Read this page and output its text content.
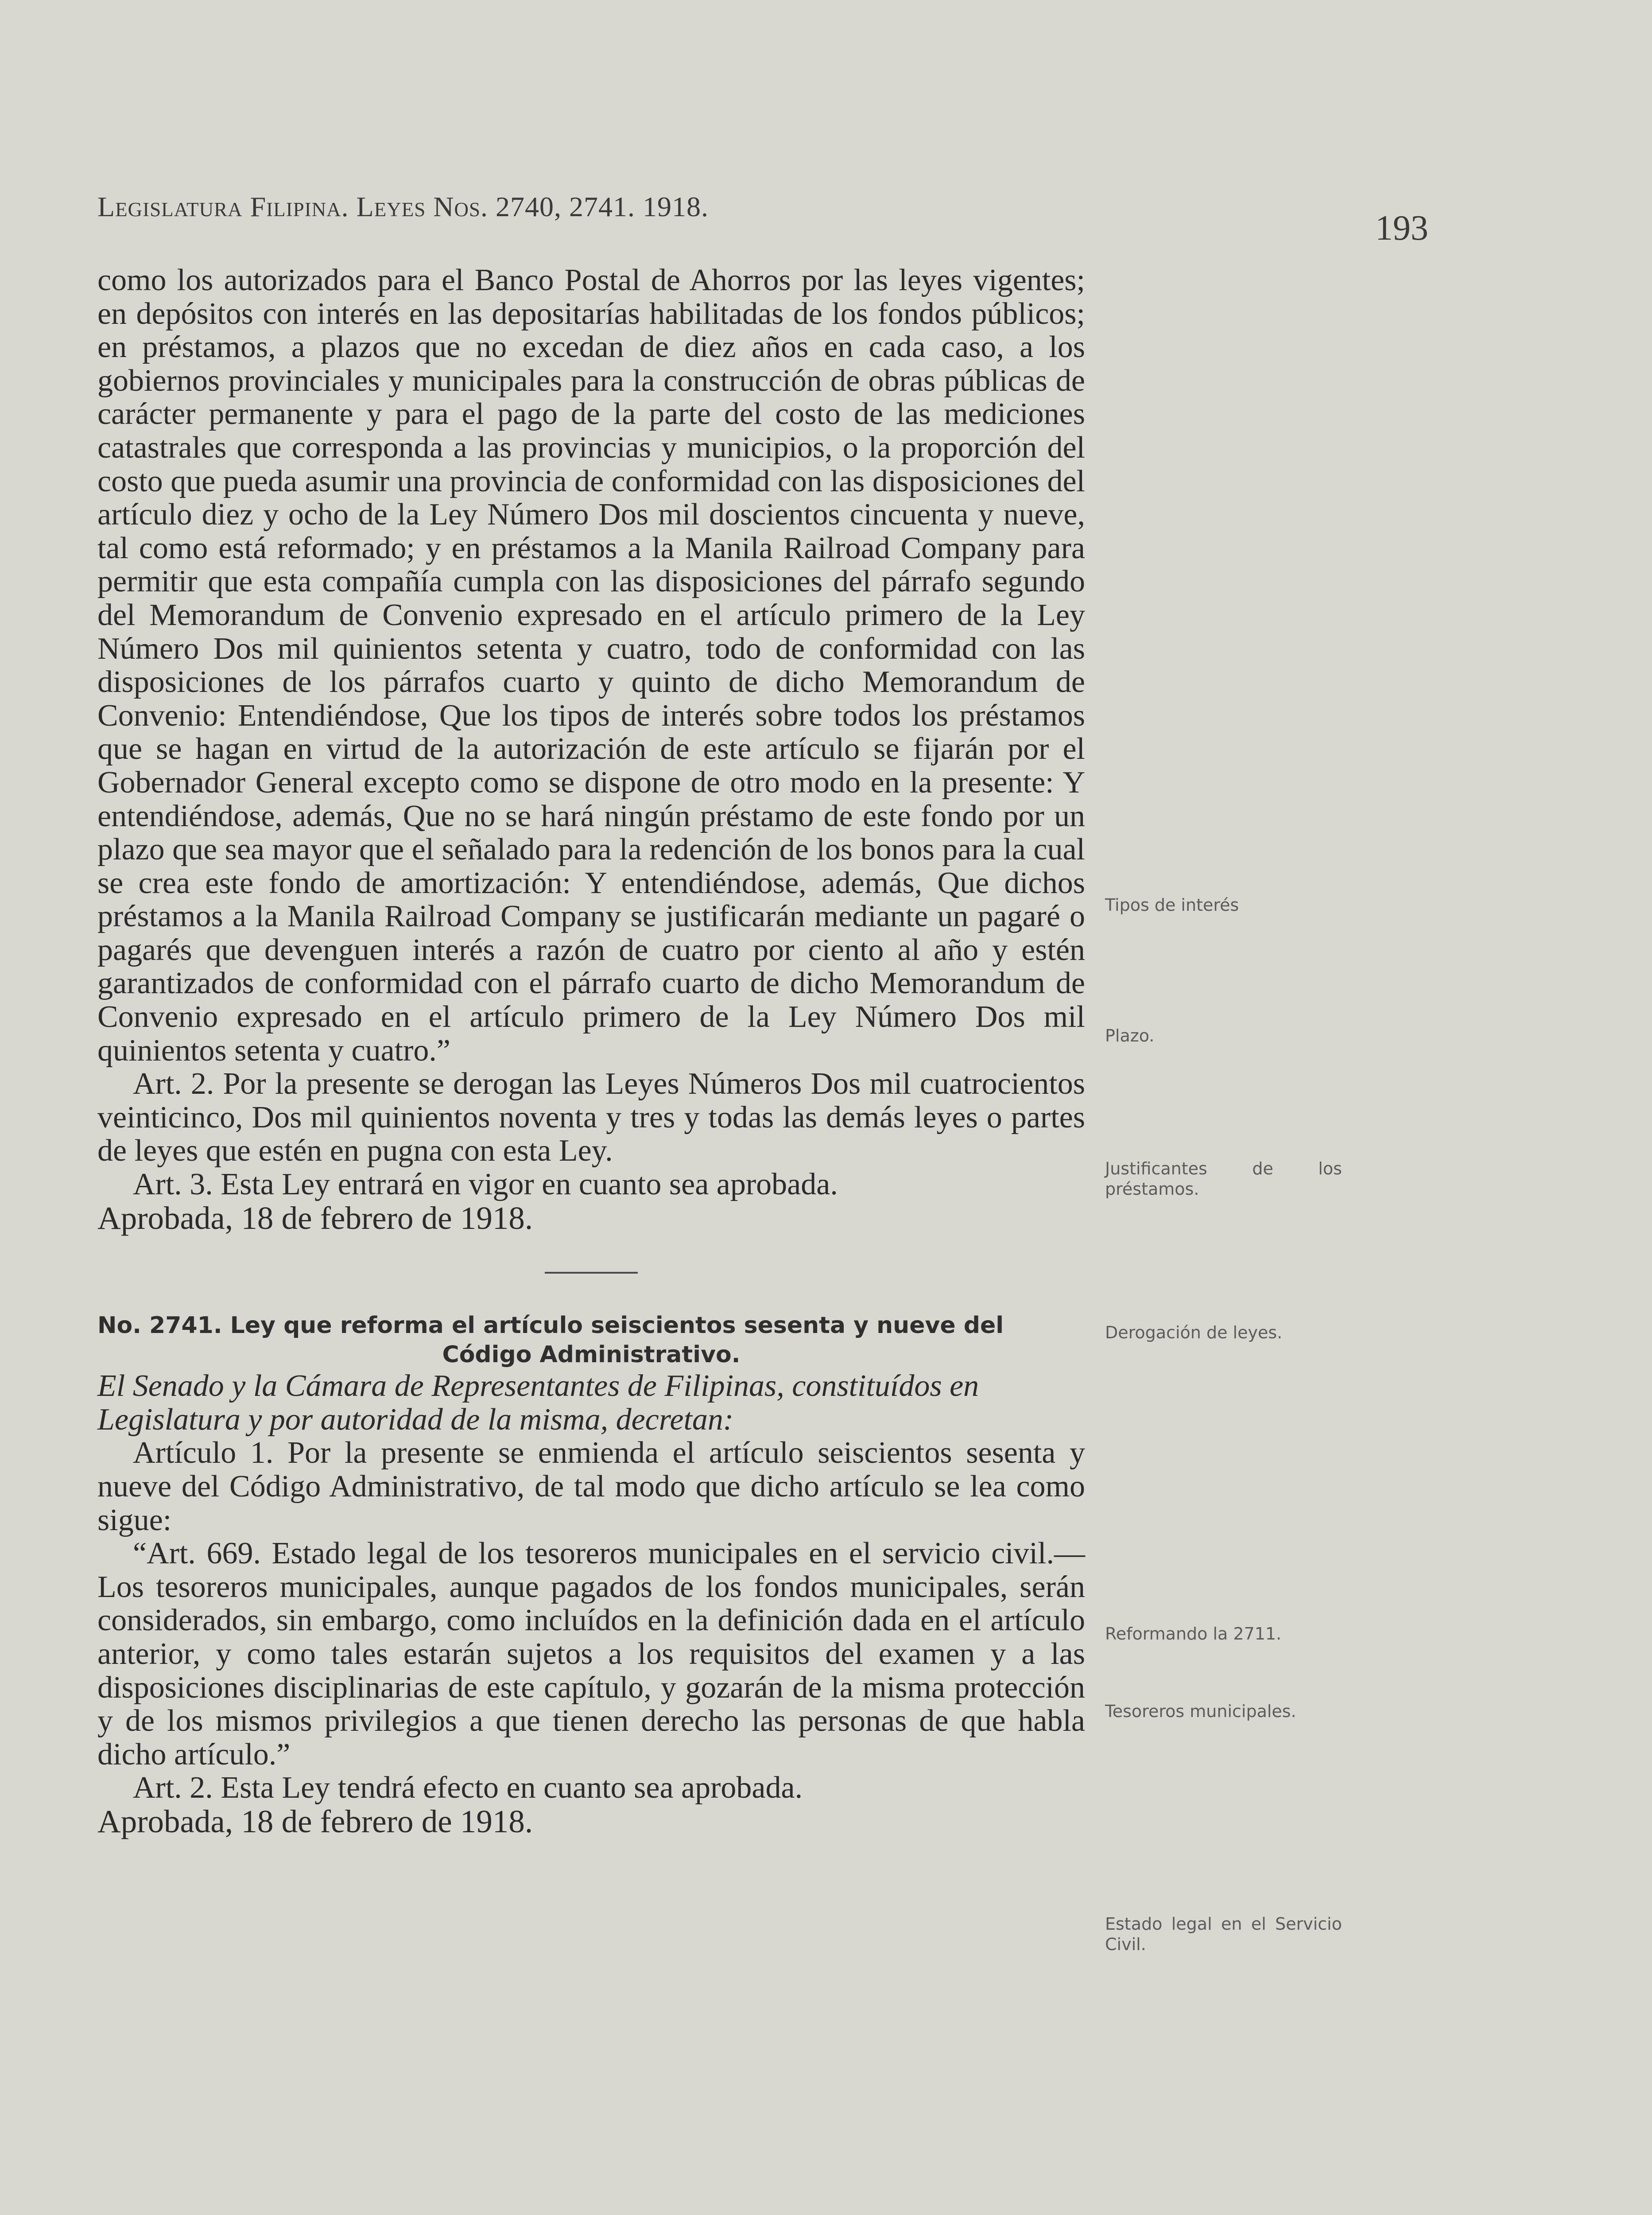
Legislatura Filipina. Leyes Nos. 2740, 2741. 1918.
193

como los autorizados para el Banco Postal de Ahorros por las leyes vigentes; en depósitos con interés en las depositarías habilitadas de los fondos públicos; en préstamos, a plazos que no excedan de diez años en cada caso, a los gobiernos provinciales y municipales para la construcción de obras públicas de carácter permanente y para el pago de la parte del costo de las mediciones catastrales que corresponda a las provincias y municipios, o la proporción del costo que pueda asumir una provincia de conformidad con las disposiciones del artículo diez y ocho de la Ley Número Dos mil doscientos cincuenta y nueve, tal como está reformado; y en préstamos a la Manila Railroad Company para permitir que esta compañía cumpla con las disposiciones del párrafo segundo del Memorandum de Convenio expresado en el artículo primero de la Ley Número Dos mil quinientos setenta y cuatro, todo de conformidad con las disposiciones de los párrafos cuarto y quinto de dicho Memorandum de Convenio: Entendiéndose, Que los tipos de interés sobre todos los préstamos que se hagan en virtud de la autorización de este artículo se fijarán por el Gobernador General excepto como se dispone de otro modo en la presente: Y entendiéndose, además, Que no se hará ningún préstamo de este fondo por un plazo que sea mayor que el señalado para la redención de los bonos para la cual se crea este fondo de amortización: Y entendiéndose, además, Que dichos préstamos a la Manila Railroad Company se justificarán mediante un pagaré o pagarés que devenguen interés a razón de cuatro por ciento al año y estén garantizados de conformidad con el párrafo cuarto de dicho Memorandum de Convenio expresado en el artículo primero de la Ley Número Dos mil quinientos setenta y cuatro.”

Art. 2. Por la presente se derogan las Leyes Números Dos mil cuatrocientos veinticinco, Dos mil quinientos noventa y tres y todas las demás leyes o partes de leyes que estén en pugna con esta Ley.

Art. 3. Esta Ley entrará en vigor en cuanto sea aprobada.

Aprobada, 18 de febrero de 1918.

No. 2741. Ley que reforma el artículo seiscientos sesenta y nueve del

Código Administrativo.

El Senado y la Cámara de Representantes de Filipinas, constituídos en Legislatura y por autoridad de la misma, decretan:

Artículo 1. Por la presente se enmienda el artículo seiscientos sesenta y nueve del Código Administrativo, de tal modo que dicho artículo se lea como sigue:

“Art. 669. Estado legal de los tesoreros municipales en el servicio civil.—Los tesoreros municipales, aunque pagados de los fondos municipales, serán considerados, sin embargo, como incluídos en la definición dada en el artículo anterior, y como tales estarán sujetos a los requisitos del examen y a las disposiciones disciplinarias de este capítulo, y gozarán de la misma protección y de los mismos privilegios a que tienen derecho las personas de que habla dicho artículo.”

Art. 2. Esta Ley tendrá efecto en cuanto sea aprobada.

Aprobada, 18 de febrero de 1918.

Tipos de interés
Plazo.
Justificantes de los préstamos.
Derogación de leyes.
Reformando la 2711.
Tesoreros municipales.
Estado legal en el Servicio Civil.
